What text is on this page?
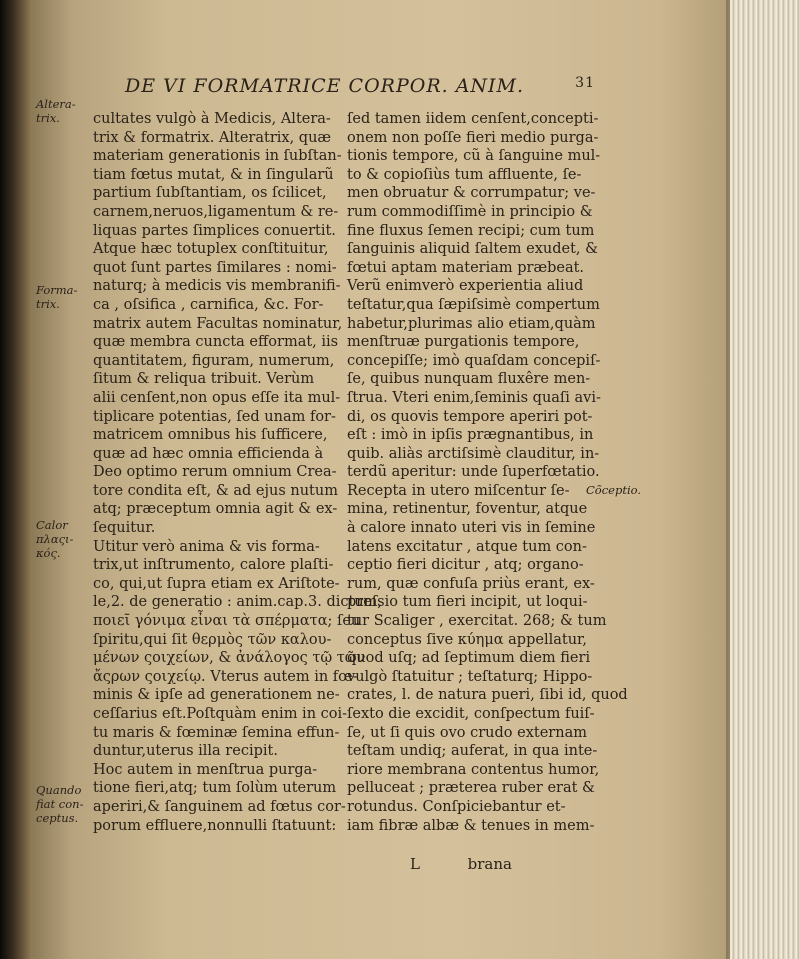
DE VI FORMATRICE CORPOR. ANIM.	31
Altera-
trix.
Forma-
trix.
Calor
πλαςι-
κός.
Quando
fiat con-
ceptus.
Cõceptio.
cultates vulgò à Medicis, Altera-
trix & formatrix. Alteratrix, quæ
materiam generationis in ſubſtan-
tiam fœtus mutat, & in ſingularũ
partium ſubſtantiam, os ſcilicet,
carnem,neruos,ligamentum & re-
liquas partes ſimplices conuertit.
Atque hæc totuplex conſtituitur,
quot ſunt partes ſimilares : nomi-
naturq; à medicis vis membranifi-
ca , oſsifica , carnifica, &c. For-
matrix autem Facultas nominatur,
quæ membra cuncta efformat, iis
quantitatem, figuram, numerum,
ſitum & reliqua tribuit. Verùm
alii cenſent,non opus eſſe ita mul-
tiplicare potentias, ſed unam for-
matricem omnibus his ſufficere,
quæ ad hæc omnia efficienda à
Deo optimo rerum omnium Crea-
tore condita eſt, & ad ejus nutum
atq; præceptum omnia agit & ex-
ſequitur.
Utitur verò anima & vis forma-
trix,ut inſtrumento, calore plaſti-
co, qui,ut ſupra etiam ex Ariſtote-
le,2. de generatio : anim.cap.3. dictum,
ποιεῖ γόνιμα εἶναι τὰ σπέρματα; ſeu
ſpiritu,qui ſit θερμὸς τῶν καλου-
μένων ςοιχείων, & ἀνάλογος τῷ τῶν
ἄςρων ςοιχείῳ. Vterus autem in fœ-
minis & ipſe ad generationem ne-
ceſſarius eſt.Poſtquàm enim in coi-
tu maris & fœminæ ſemina effun-
duntur,uterus illa recipit.
Hoc autem in menſtrua purga-
tione fieri,atq; tum ſolùm uterum
aperiri,& ſanguinem ad fœtus cor-
porum effluere,nonnulli ſtatuunt:
ſed tamen iidem cenſent,concepti-
onem non poſſe fieri medio purga-
tionis tempore, cũ à ſanguine mul-
to & copioſiùs tum affluente, ſe-
men obruatur & corrumpatur; ve-
rum commodiſſimè in principio &
fine fluxus ſemen recipi; cum tum
ſanguinis aliquid ſaltem exudet, &
fœtui aptam materiam præbeat.
Verũ enimverò experientia aliud
teſtatur,qua ſæpiſsimè compertum
habetur,plurimas alio etiam,quàm
menſtruæ purgationis tempore,
concepiſſe; imò quaſdam concepiſ-
ſe, quibus nunquam fluxêre men-
ſtrua. Vteri enim,ſeminis quaſi avi-
di, os quovis tempore aperiri pot-
eſt : imò in ipſis prægnantibus, in
quib. aliàs arctiſsimè clauditur, in-
terdũ aperitur: unde ſuperfœtatio.
Recepta in utero miſcentur ſe-
mina, retinentur, foventur, atque
à calore innato uteri vis in ſemine
latens excitatur , atque tum con-
ceptio fieri dicitur , atq; organo-
rum, quæ confuſa priùs erant, ex-
preſsio tum fieri incipit, ut loqui-
tur Scaliger , exercitat. 268; & tum
conceptus ſive κύημα appellatur,
quod uſq; ad ſeptimum diem fieri
vulgò ſtatuitur ; teſtaturq; Hippo-
crates, l. de natura pueri, ſibi id, quod
ſexto die excidit, conſpectum fuiſ-
ſe, ut ſi quis ovo crudo externam
teſtam undiq; auferat, in qua inte-
riore membrana contentus humor,
pelluceat ; præterea ruber erat &
rotundus. Conſpiciebantur et-
iam fibræ albæ & tenues in mem-
L          brana
